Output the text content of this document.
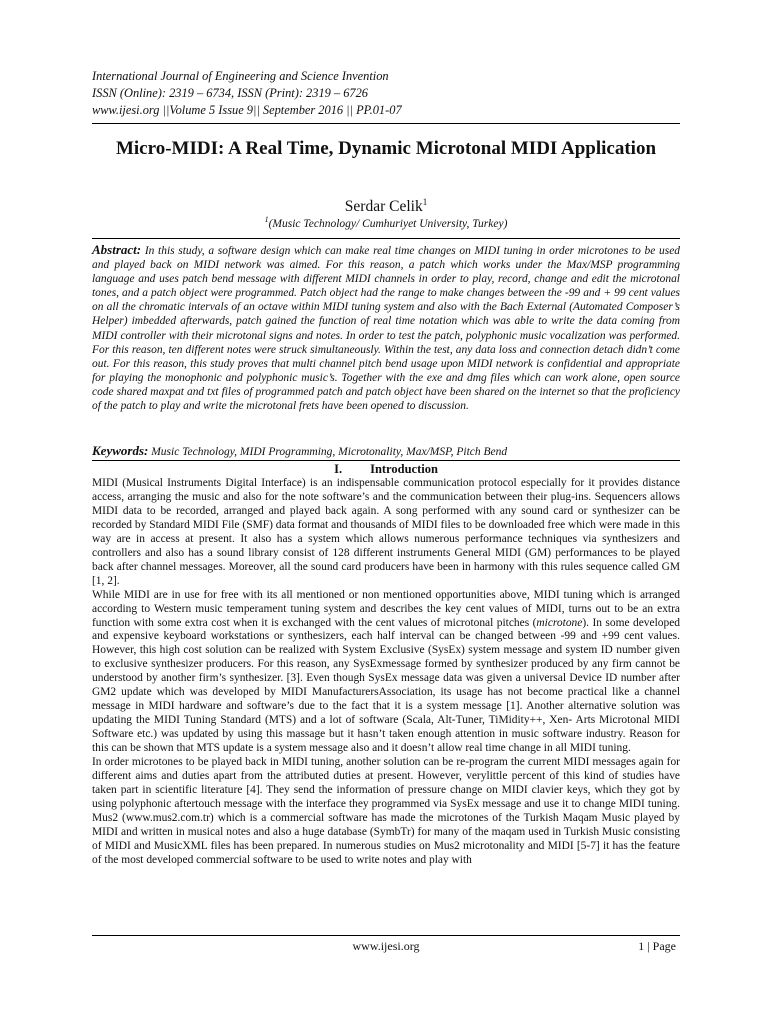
International Journal of Engineering and Science Invention
ISSN (Online): 2319 – 6734, ISSN (Print): 2319 – 6726
www.ijesi.org ||Volume 5 Issue 9|| September 2016 || PP.01-07
Micro-MIDI: A Real Time, Dynamic Microtonal MIDI Application
Serdar Celik$^1$
$^1$(Music Technology/ Cumhuriyet University, Turkey)
Abstract: In this study, a software design which can make real time changes on MIDI tuning in order microtones to be used and played back on MIDI network was aimed. For this reason, a patch which works under the Max/MSP programming language and uses patch bend message with different MIDI channels in order to play, record, change and edit the microtonal tones, and a patch object were programmed. Patch object had the range to make changes between the -99 and + 99 cent values on all the chromatic intervals of an octave within MIDI tuning system and also with the Bach External (Automated Composer’s Helper) imbedded afterwards, patch gained the function of real time notation which was able to write the data coming from MIDI controller with their microtonal signs and notes. In order to test the patch, polyphonic music vocalization was performed. For this reason, ten different notes were struck simultaneously. Within the test, any data loss and connection detach didn’t come out. For this reason, this study proves that multi channel pitch bend usage upon MIDI network is confidential and appropriate for playing the monophonic and polyphonic music’s. Together with the exe and dmg files which can work alone, open source code shared maxpat and txt files of programmed patch and patch object have been shared on the internet so that the proficiency of the patch to play and write the microtonal frets have been opened to discussion.
Keywords: Music Technology, MIDI Programming, Microtonality, Max/MSP, Pitch Bend
I. Introduction

MIDI (Musical Instruments Digital Interface) is an indispensable communication protocol especially for it provides distance access, arranging the music and also for the note software’s and the communication between their plug-ins. Sequencers allows MIDI data to be recorded, arranged and played back again. A song performed with any sound card or synthesizer can be recorded by Standard MIDI File (SMF) data format and thousands of MIDI files to be downloaded free which were made in this way are in access at present. It also has a system which allows numerous performance techniques via synthesizers and controllers and also has a sound library consist of 128 different instruments General MIDI (GM) performances to be played back after channel messages. Moreover, all the sound card producers have been in harmony with this rules sequence called GM [1, 2].

While MIDI are in use for free with its all mentioned or non mentioned opportunities above, MIDI tuning which is arranged according to Western music temperament tuning system and describes the key cent values of MIDI, turns out to be an extra function with some extra cost when it is exchanged with the cent values of microtonal pitches (microtone). In some developed and expensive keyboard workstations or synthesizers, each half interval can be changed between -99 and +99 cent values. However, this high cost solution can be realized with System Exclusive (SysEx) system message and system ID number given to exclusive synthesizer producers. For this reason, any SysExmessage formed by synthesizer produced by any firm cannot be understood by another firm’s synthesizer. [3]. Even though SysEx message data was given a universal Device ID number after GM2 update which was developed by MIDI ManufacturersAssociation, its usage has not become practical like a channel message in MIDI hardware and software’s due to the fact that it is a system message [1]. Another alternative solution was updating the MIDI Tuning Standard (MTS) and a lot of software (Scala, Alt-Tuner, TiMidity++, Xen- Arts Microtonal MIDI Software etc.) was updated by using this massage but it hasn’t taken enough attention in music software industry. Reason for this can be shown that MTS update is a system message also and it doesn’t allow real time change in all MIDI tuning.

In order microtones to be played back in MIDI tuning, another solution can be re-program the current MIDI messages again for different aims and duties apart from the attributed duties at present. However, verylittle percent of this kind of studies have taken part in scientific literature [4]. They send the information of pressure change on MIDI clavier keys, which they got by using polyphonic aftertouch message with the interface they programmed via SysEx message and use it to change MIDI tuning. Mus2 (www.mus2.com.tr) which is a commercial software has made the microtones of the Turkish Maqam Music played by MIDI and written in musical notes and also a huge database (SymbTr) for many of the maqam used in Turkish Music consisting of MIDI and MusicXML files has been prepared. In numerous studies on Mus2 microtonality and MIDI [5-7] it has the feature of the most developed commercial software to be used to write notes and play with

www.ijesi.org	1 | Page
